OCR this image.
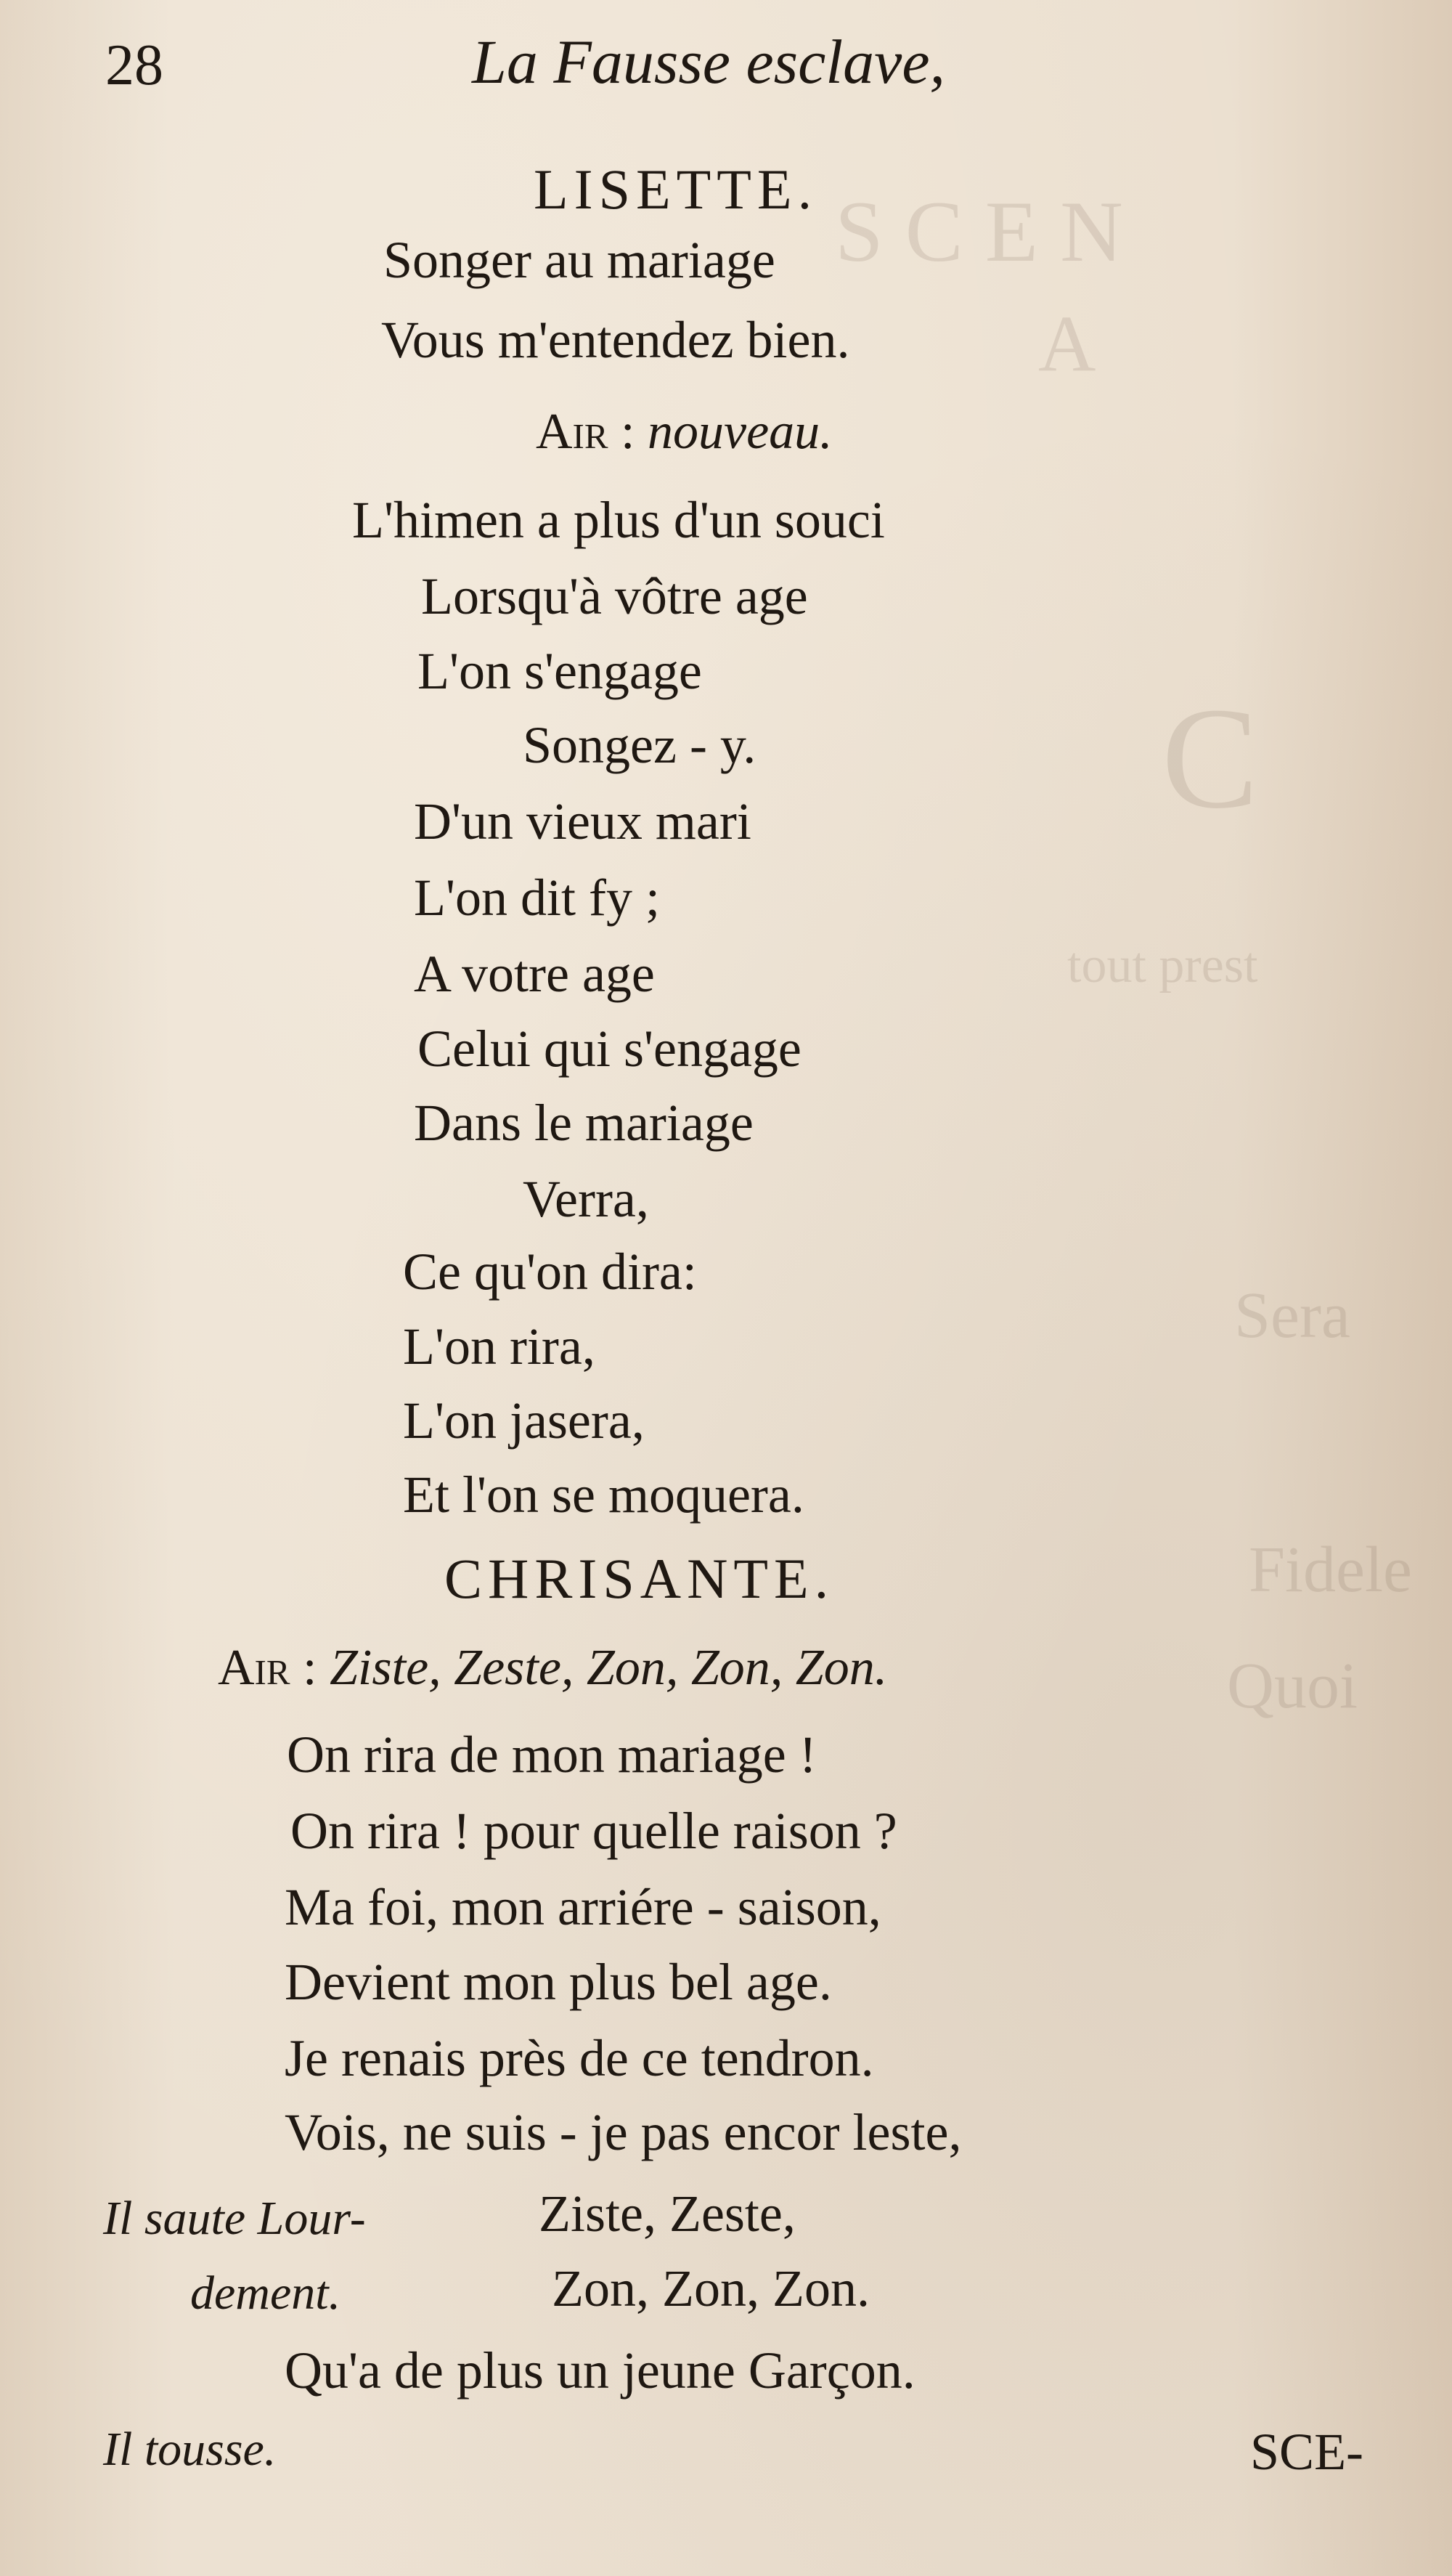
S C E N
A
C
tout prest
Sera
Fidele
Quoi
28	La Fausse esclave,
LISETTE.
Songer au mariage
Vous m'entendez bien.
Air : nouveau.
L'himen a plus d'un souci
Lorsqu'à vôtre age
L'on s'engage
Songez - y.
D'un vieux mari
L'on dit fy ;
A votre age
Celui qui s'engage
Dans le mariage
Verra,
Ce qu'on dira:
L'on rira,
L'on jasera,
Et l'on se moquera.
CHRISANTE.
Air : Ziste, Zeste, Zon, Zon, Zon.
On rira de mon mariage !
On rira ! pour quelle raison ?
Ma foi, mon arriére - saison,
Devient mon plus bel age.
Je renais près de ce tendron.
Vois, ne suis - je pas encor leste,
Il saute Lour-
dement.
Ziste, Zeste,
Zon, Zon, Zon.
Qu'a de plus un jeune Garçon.
Il tousse.	SCE-
